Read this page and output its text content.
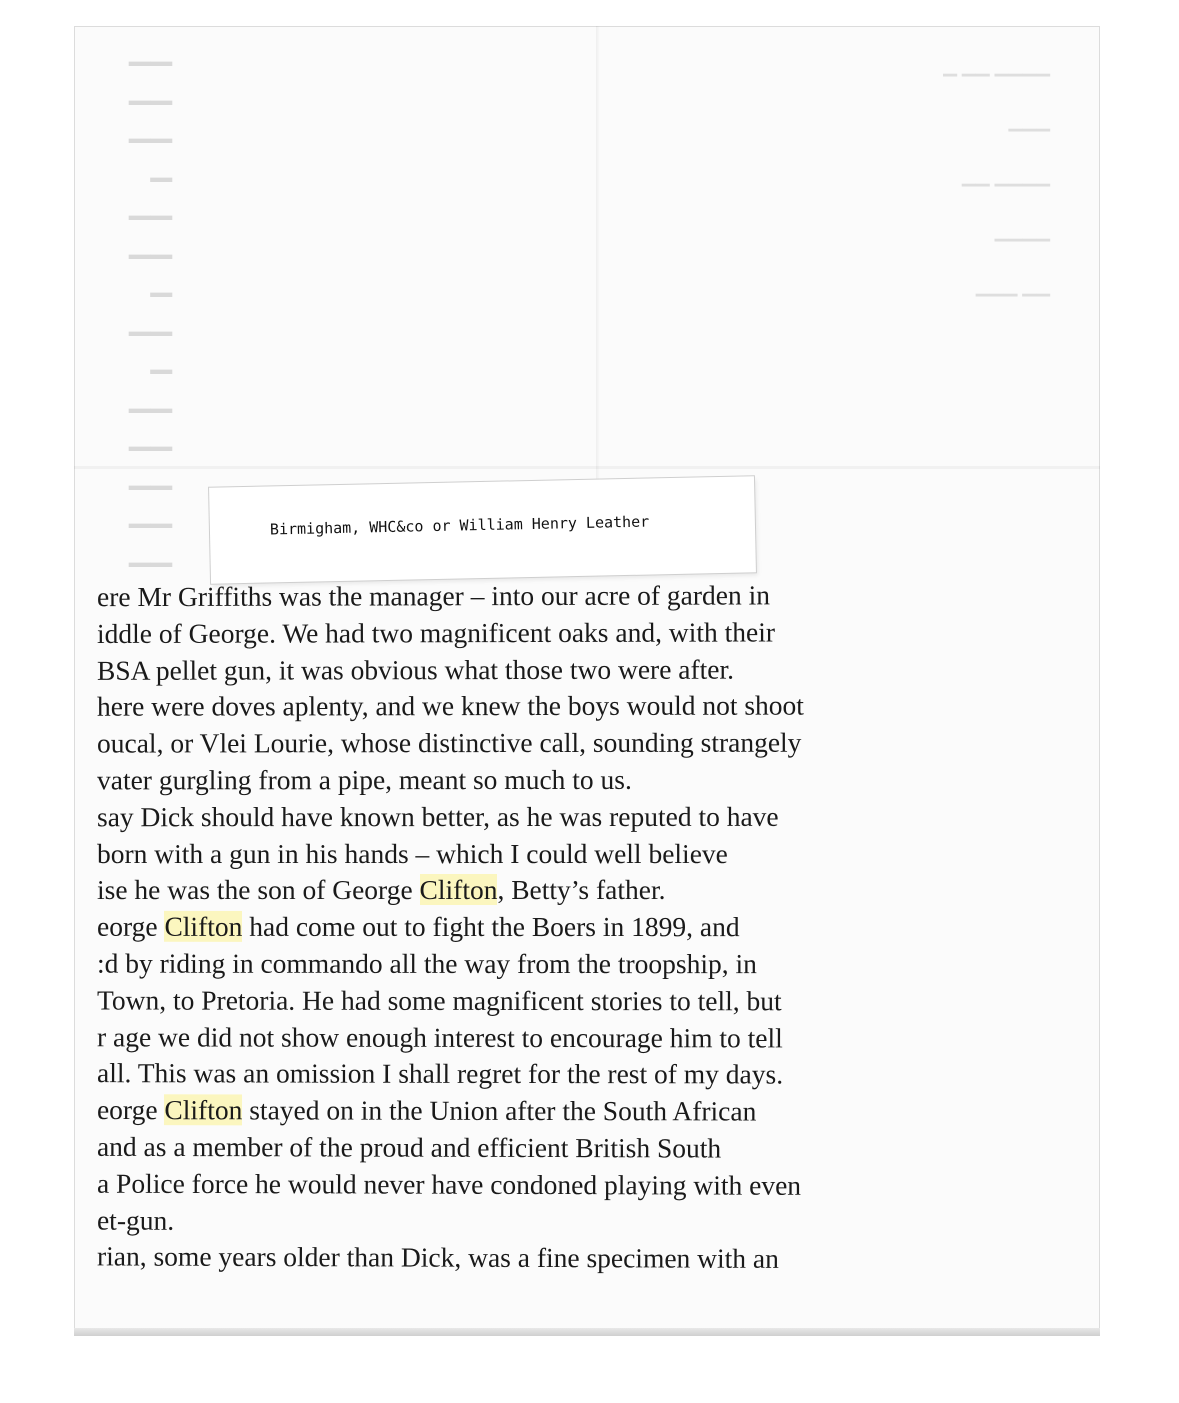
▁▁
▁▁
▁▁
▁
▁▁
▁▁
▁
▁▁
▁
▁▁
▁▁
▁▁
▁▁
▁▁
▁▁▁▁ ▁▁ ▁
▁▁▁
▁▁▁▁ ▁▁
▁▁▁▁
▁▁ ▁▁▁
Birmigham, WHC&co or William Henry Leather
ere Mr Griffiths was the manager – into our acre of garden in
iddle of George. We had two magnificent oaks and, with their
BSA pellet gun, it was obvious what those two were after.
here were doves aplenty, and we knew the boys would not shoot
oucal, or Vlei Lourie, whose distinctive call, sounding strangely
vater gurgling from a pipe, meant so much to us.
say Dick should have known better, as he was reputed to have
born with a gun in his hands – which I could well believe
ise he was the son of George Clifton, Betty’s father.
eorge Clifton had come out to fight the Boers in 1899, and
:d by riding in commando all the way from the troopship, in
Town, to Pretoria. He had some magnificent stories to tell, but
r age we did not show enough interest to encourage him to tell
all. This was an omission I shall regret for the rest of my days.
eorge Clifton stayed on in the Union after the South African
and as a member of the proud and efficient British South
a Police force he would never have condoned playing with even
et-gun.
rian, some years older than Dick, was a fine specimen with an
